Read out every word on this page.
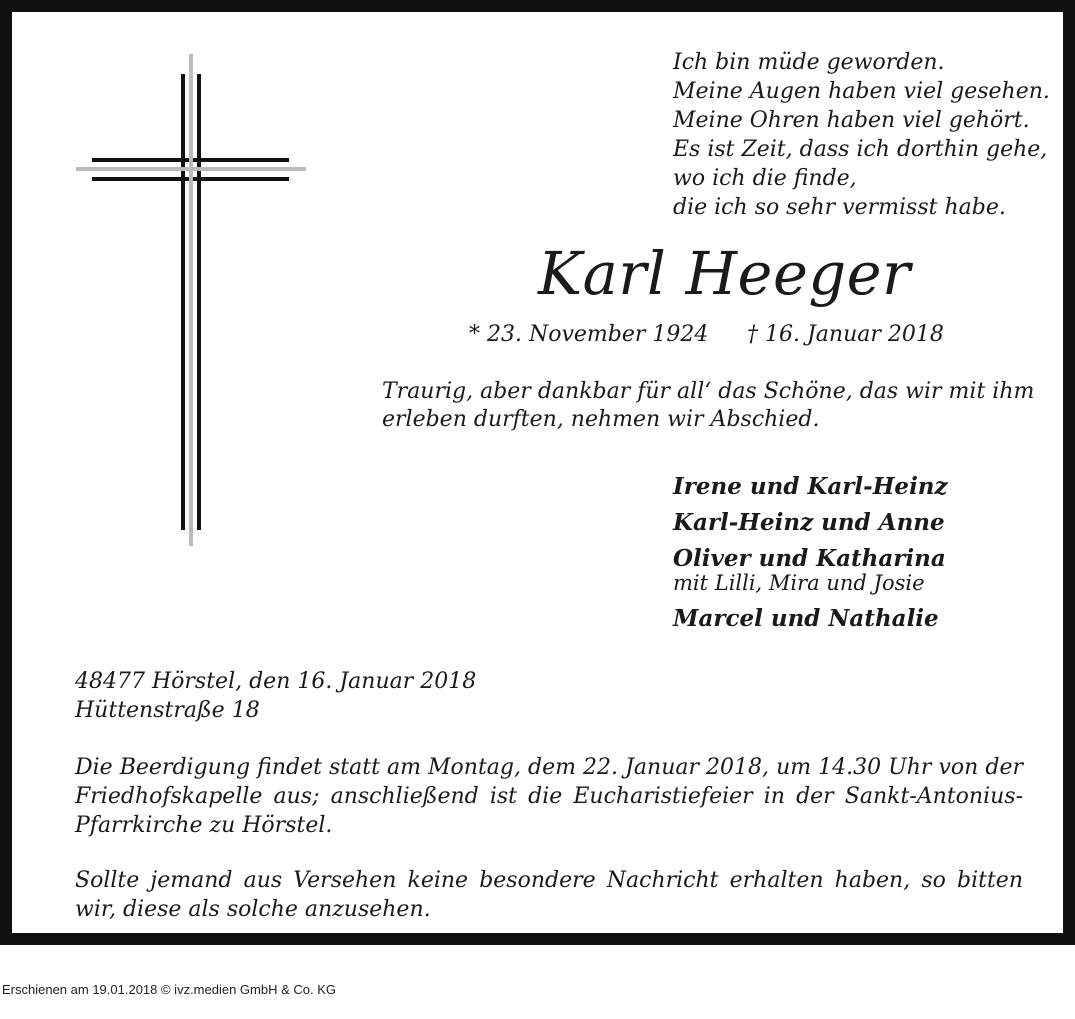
Ich bin müde geworden.
Meine Augen haben viel gesehen.
Meine Ohren haben viel gehört.
Es ist Zeit, dass ich dorthin gehe,
wo ich die finde,
die ich so sehr vermisst habe.
Karl Heeger
* 23. November 1924 † 16. Januar 2018
Traurig, aber dankbar für all‘ das Schöne, das wir mit ihm
erleben durften, nehmen wir Abschied.
Irene und Karl-Heinz
Karl-Heinz und Anne
Oliver und Katharina
mit Lilli, Mira und Josie
Marcel und Nathalie
48477 Hörstel, den 16. Januar 2018
Hüttenstraße 18
Die Beerdigung findet statt am Montag, dem 22. Januar 2018, um 14.30 Uhr von der Friedhofskapelle aus; anschließend ist die Eucharistiefeier in der Sankt-Antonius-Pfarrkirche zu Hörstel.
Sollte jemand aus Versehen keine besondere Nachricht erhalten haben, so bitten wir, diese als solche anzusehen.
Erschienen am 19.01.2018 © ivz.medien GmbH & Co. KG
